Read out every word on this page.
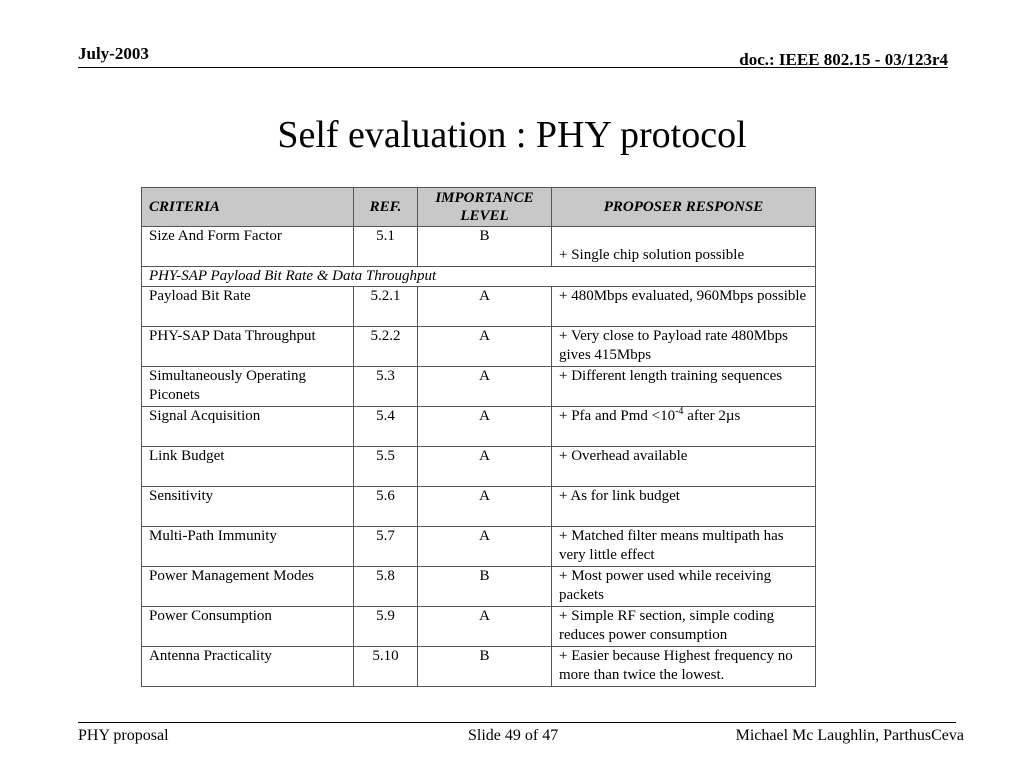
July-2003	doc.: IEEE 802.15 - 03/123r4
Self evaluation : PHY protocol
CRITERIA	REF.	IMPORTANCE LEVEL	PROPOSER RESPONSE
Size And Form Factor	5.1	B	+ Single chip solution possible

PHY-SAP Payload Bit Rate & Data Throughput			
Payload Bit Rate	5.2.1	A	+ 480Mbps evaluated, 960Mbps possible
PHY-SAP Data Throughput	5.2.2	A	+ Very close to Payload rate 480Mbps gives 415Mbps
Simultaneously Operating Piconets	5.3	A	+ Different length training sequences
Signal Acquisition	5.4	A	+ Pfa and Pmd $<10^{-4}$ after 2µs
Link Budget	5.5	A	+ Overhead available
Sensitivity	5.6	A	+ As for link budget
Multi-Path Immunity	5.7	A	+ Matched filter means multipath has very little effect
Power Management Modes	5.8	B	+ Most power used while receiving packets
Power Consumption	5.9	A	+ Simple RF section, simple coding reduces power consumption
Antenna Practicality	5.10	B	+ Easier because Highest frequency no more than twice the lowest.
PHY proposal	Slide 49 of 47	Michael Mc Laughlin, ParthusCeva
